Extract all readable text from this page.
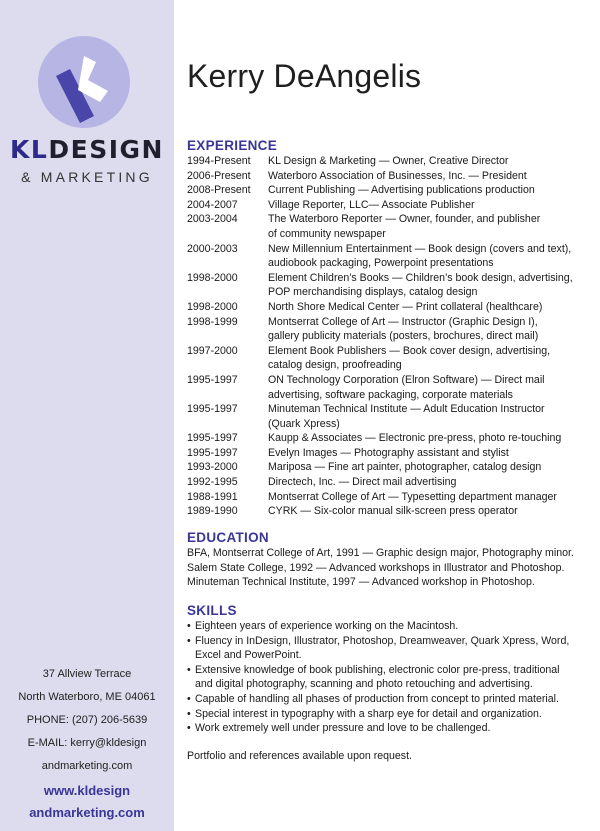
KLDESIGN
& MARKETING
37 Allview Terrace
North Waterboro, ME 04061
PHONE: (207) 206-5639
E-MAIL: kerry@kldesign
andmarketing.com
www.kldesign
andmarketing.com
Kerry DeAngelis
EXPERIENCE
1994-Present	KL Design & Marketing — Owner, Creative Director
2006-Present	Waterboro Association of Businesses, Inc. — President
2008-Present	Current Publishing — Advertising publications production
2004-2007	Village Reporter, LLC— Associate Publisher
2003-2004	The Waterboro Reporter — Owner, founder, and publisher
of community newspaper
2000-2003	New Millennium Entertainment — Book design (covers and text),
audiobook packaging, Powerpoint presentations
1998-2000	Element Children’s Books — Children’s book design, advertising,
POP merchandising displays, catalog design
1998-2000	North Shore Medical Center — Print collateral (healthcare)
1998-1999	Montserrat College of Art — Instructor (Graphic Design I),
gallery publicity materials (posters, brochures, direct mail)
1997-2000	Element Book Publishers — Book cover design, advertising,
catalog design, proofreading
1995-1997	ON Technology Corporation (Elron Software) — Direct mail
advertising, software packaging, corporate materials
1995-1997	Minuteman Technical Institute — Adult Education Instructor
(Quark Xpress)
1995-1997	Kaupp & Associates — Electronic pre-press, photo re-touching
1995-1997	Evelyn Images — Photography assistant and stylist
1993-2000	Mariposa — Fine art painter, photographer, catalog design
1992-1995	Directech, Inc. — Direct mail advertising
1988-1991	Montserrat College of Art — Typesetting department manager
1989-1990	CYRK — Six-color manual silk-screen press operator
EDUCATION
BFA, Montserrat College of Art, 1991 — Graphic design major, Photography minor.
Salem State College, 1992 — Advanced workshops in Illustrator and Photoshop.
Minuteman Technical Institute, 1997 — Advanced workshop in Photoshop.
SKILLS
• Eighteen years of experience working on the Macintosh.
• Fluency in InDesign, Illustrator, Photoshop, Dreamweaver, Quark Xpress, Word,
Excel and PowerPoint.
• Extensive knowledge of book publishing, electronic color pre-press, traditional
and digital photography, scanning and photo retouching and advertising.
• Capable of handling all phases of production from concept to printed material.
• Special interest in typography with a sharp eye for detail and organization.
• Work extremely well under pressure and love to be challenged.
Portfolio and references available upon request.
